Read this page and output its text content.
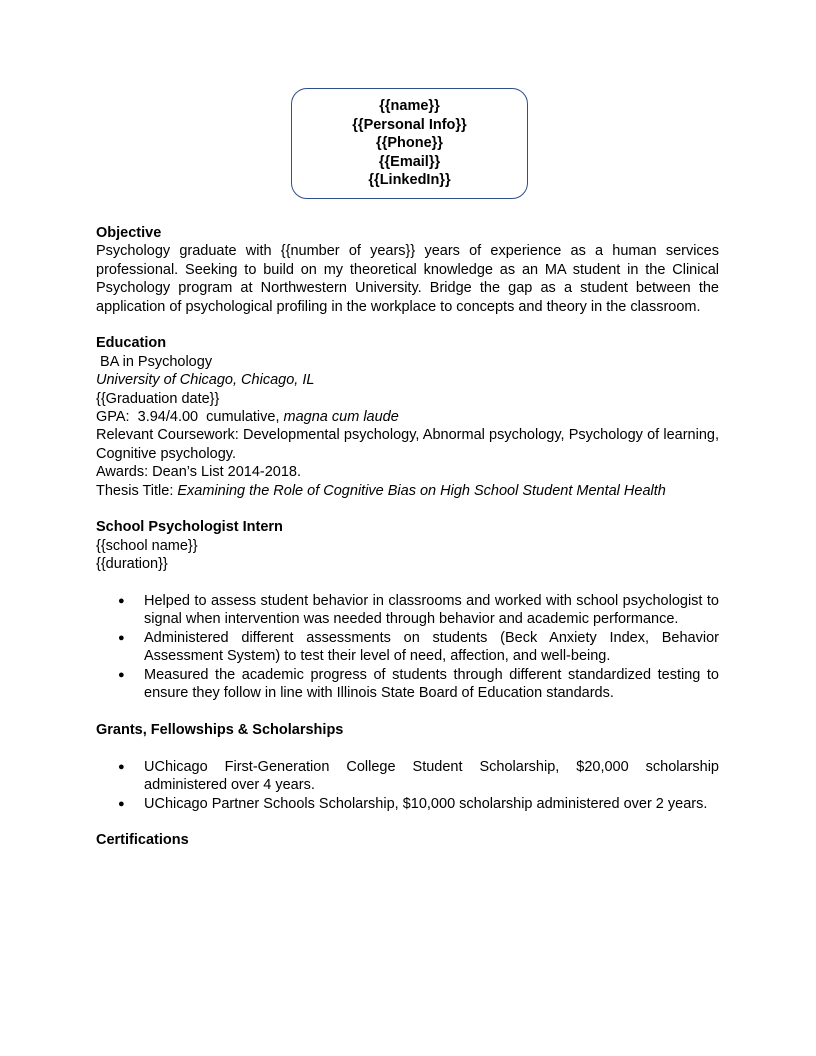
{{name}}
{{Personal Info}}
{{Phone}}
{{Email}}
{{LinkedIn}}
Objective
Psychology graduate with {{number of years}} years of experience as a human services professional. Seeking to build on my theoretical knowledge as an MA student in the Clinical Psychology program at Northwestern University. Bridge the gap as a student between the application of psychological profiling in the workplace to concepts and theory in the classroom.
Education
BA in Psychology
University of Chicago, Chicago, IL
{{Graduation date}}
GPA:  3.94/4.00  cumulative, magna cum laude
Relevant Coursework: Developmental psychology, Abnormal psychology, Psychology of learning, Cognitive psychology.
Awards: Dean’s List 2014-2018.
Thesis Title: Examining the Role of Cognitive Bias on High School Student Mental Health
School Psychologist Intern
{{school name}}
{{duration}}
●
Helped to assess student behavior in classrooms and worked with school psychologist to signal when intervention was needed through behavior and academic performance.
●
Administered different assessments on students (Beck Anxiety Index, Behavior Assessment System) to test their level of need, affection, and well-being.
●
Measured the academic progress of students through different standardized testing to ensure they follow in line with Illinois State Board of Education standards.
Grants, Fellowships & Scholarships
●
UChicago First-Generation College Student Scholarship, $20,000 scholarship administered over 4 years.
●
UChicago Partner Schools Scholarship, $10,000 scholarship administered over 2 years.
Certifications
